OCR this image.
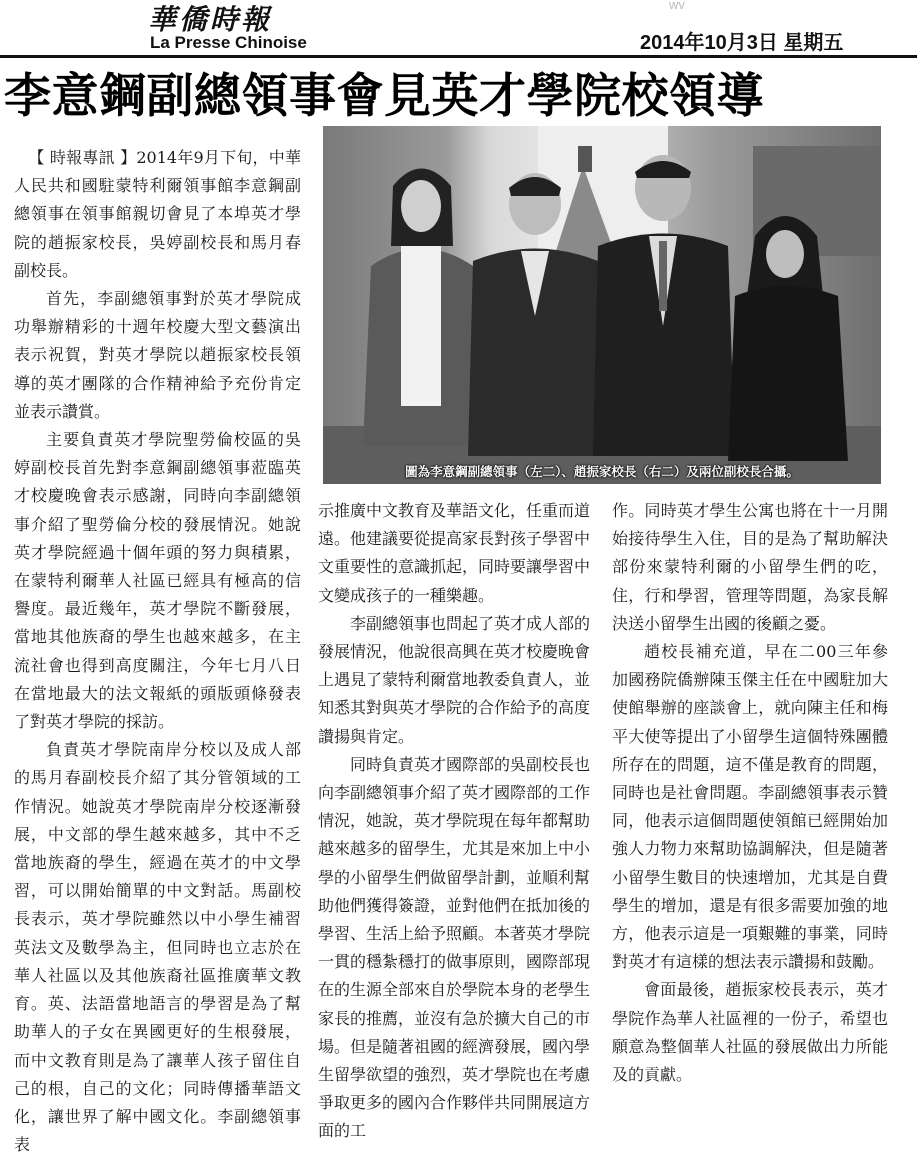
華僑時報
La Presse Chinoise
wv
2014年10月3日 星期五
李意鋼副總領事會見英才學院校領導

【 時報專訊 】2014年9月下旬，中華人民共和國駐蒙特利爾領事館李意鋼副總領事在領事館親切會見了本埠英才學院的趙振家校長，吳婷副校長和馬月春副校長。

首先，李副總領事對於英才學院成功舉辦精彩的十週年校慶大型文藝演出表示祝賀，對英才學院以趙振家校長領導的英才團隊的合作精神給予充份肯定並表示讚賞。

主要負責英才學院聖勞倫校區的吳婷副校長首先對李意鋼副總領事蒞臨英才校慶晚會表示感謝，同時向李副總領事介紹了聖勞倫分校的發展情況。她說英才學院經過十個年頭的努力與積累，在蒙特利爾華人社區已經具有極高的信譽度。最近幾年，英才學院不斷發展，當地其他族裔的學生也越來越多，在主流社會也得到高度關注，今年七月八日在當地最大的法文報紙的頭版頭條發表了對英才學院的採訪。

負責英才學院南岸分校以及成人部的馬月春副校長介紹了其分管領域的工作情況。她說英才學院南岸分校逐漸發展，中文部的學生越來越多，其中不乏當地族裔的學生，經過在英才的中文學習，可以開始簡單的中文對話。馬副校長表示，英才學院雖然以中小學生補習英法文及數學為主，但同時也立志於在華人社區以及其他族裔社區推廣華文教育。英、法語當地語言的學習是為了幫助華人的子女在異國更好的生根發展，而中文教育則是為了讓華人孩子留住自己的根，自己的文化；同時傳播華語文化，讓世界了解中國文化。李副總領事表

圖為李意鋼副總領事（左二）、趙振家校長（右二）及兩位副校長合攝。

示推廣中文教育及華語文化，任重而道遠。他建議要從提高家長對孩子學習中文重要性的意識抓起，同時要讓學習中文變成孩子的一種樂趣。

李副總領事也問起了英才成人部的發展情況，他說很高興在英才校慶晚會上遇見了蒙特利爾當地教委負責人，並知悉其對與英才學院的合作給予的高度讚揚與肯定。

同時負責英才國際部的吳副校長也向李副總領事介紹了英才國際部的工作情況，她說，英才學院現在每年都幫助越來越多的留學生，尤其是來加上中小學的小留學生們做留學計劃，並順利幫助他們獲得簽證，並對他們在抵加後的學習、生活上給予照顧。本著英才學院一貫的穩紮穩打的做事原則，國際部現在的生源全部來自於學院本身的老學生家長的推薦，並沒有急於擴大自己的市場。但是隨著祖國的經濟發展，國內學生留學欲望的強烈，英才學院也在考慮爭取更多的國內合作夥伴共同開展這方面的工

作。同時英才學生公寓也將在十一月開始接待學生入住，目的是為了幫助解決部份來蒙特利爾的小留學生們的吃，住，行和學習，管理等問題，為家長解決送小留學生出國的後顧之憂。

趙校長補充道，早在二00三年參加國務院僑辦陳玉傑主任在中國駐加大使館舉辦的座談會上，就向陳主任和梅平大使等提出了小留學生這個特殊團體所存在的問題，這不僅是教育的問題，同時也是社會問題。李副總領事表示贊同，他表示這個問題使領館已經開始加強人力物力來幫助協調解決，但是隨著小留學生數目的快速增加，尤其是自費學生的增加，還是有很多需要加強的地方，他表示這是一項艱難的事業，同時對英才有這樣的想法表示讚揚和鼓勵。

會面最後，趙振家校長表示，英才學院作為華人社區裡的一份子，希望也願意為整個華人社區的發展做出力所能及的貢獻。
